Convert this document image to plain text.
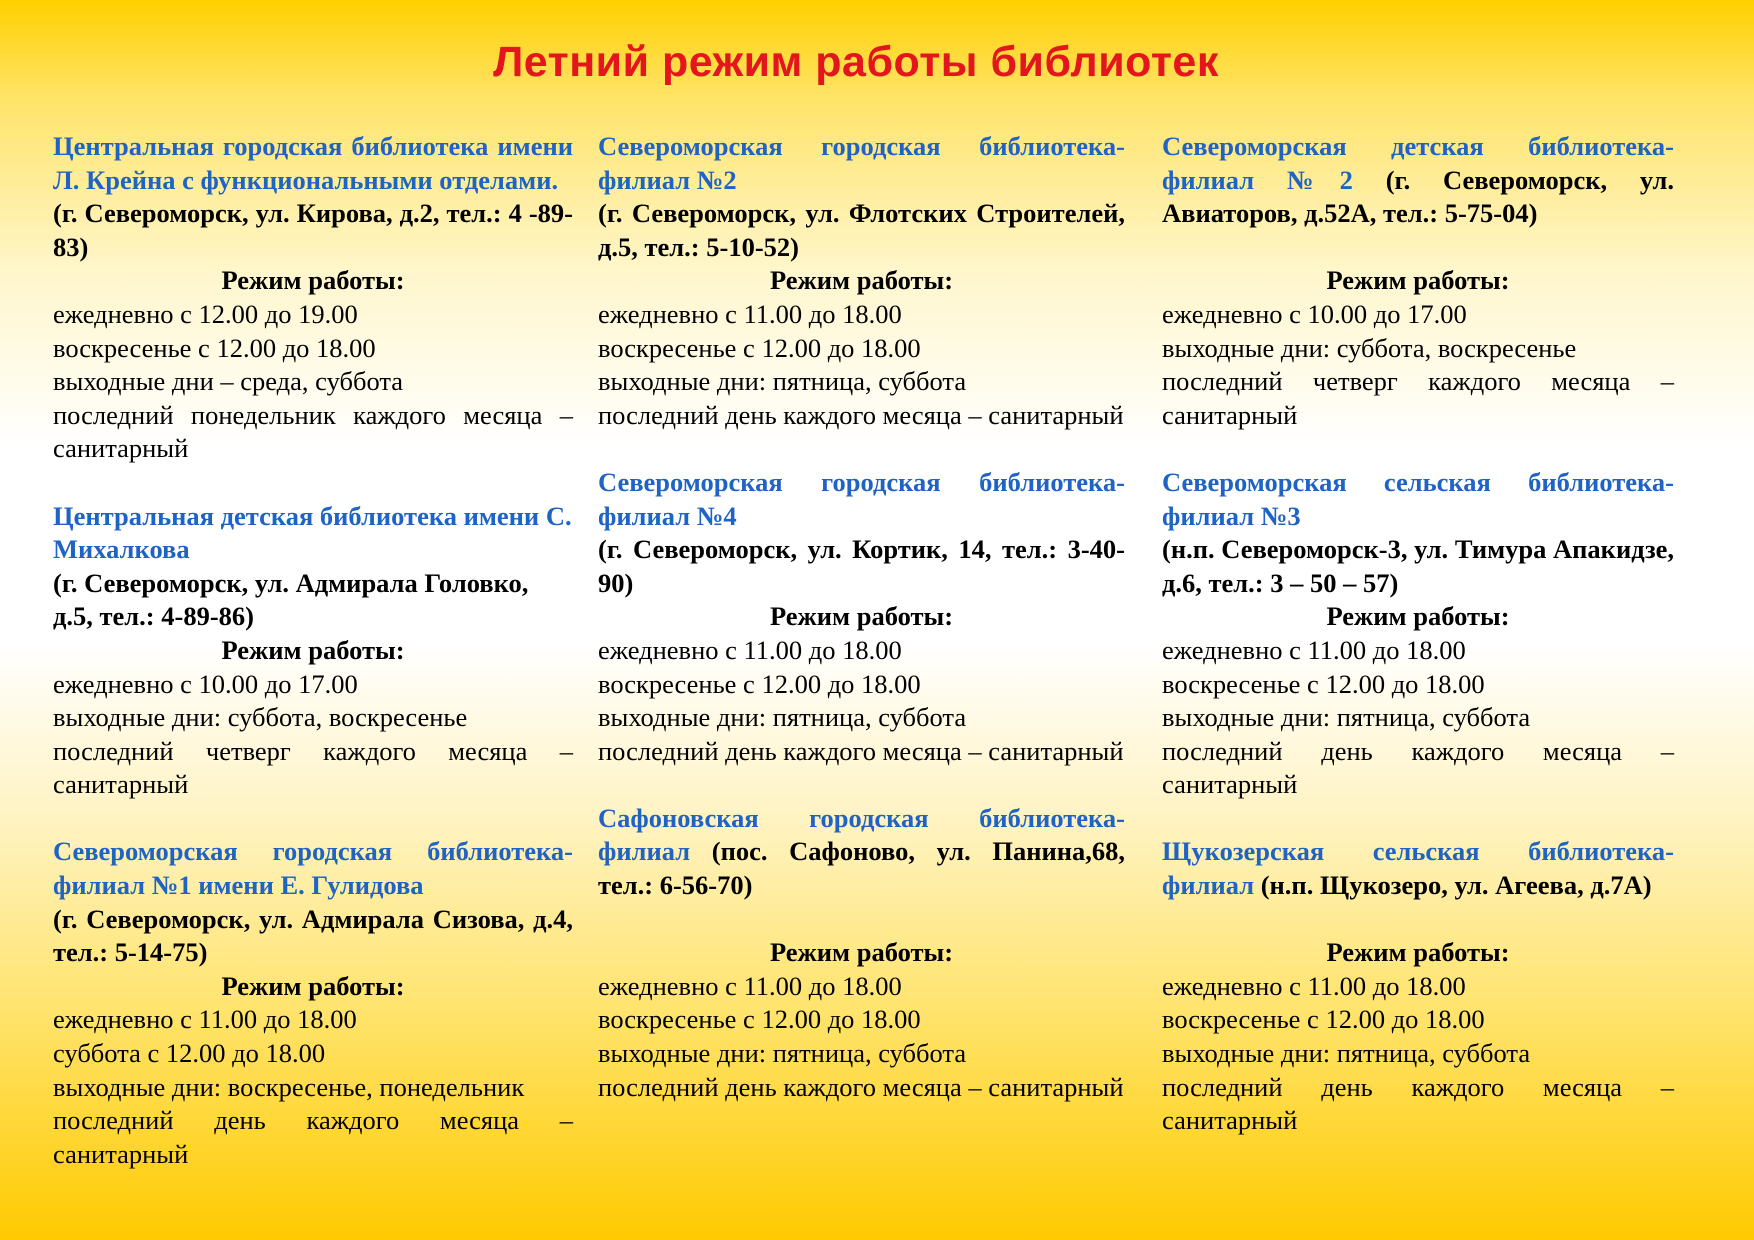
Летний режим работы библиотек
Центральная городская библиотека имени Л. Крейна с функциональными отделами.
(г. Североморск, ул. Кирова, д.2, тел.: 4 -89-83)
Режим работы:
ежедневно с 12.00 до 19.00
воскресенье с 12.00 до 18.00
выходные дни – среда, суббота
последний понедельник каждого месяца – санитарный
Центральная детская библиотека имени С. Михалкова
(г. Североморск, ул. Адмирала Головко, д.5, тел.: 4-89-86)
Режим работы:
ежедневно с 10.00 до 17.00
выходные дни: суббота, воскресенье
последний четверг каждого месяца – санитарный
Североморская городская библиотека-филиал №1 имени Е. Гулидова
(г. Североморск, ул. Адмирала Сизова, д.4, тел.: 5-14-75)
Режим работы:
ежедневно с 11.00 до 18.00
суббота с 12.00 до 18.00
выходные дни: воскресенье, понедельник
последний день каждого месяца – санитарный
Североморская городская библиотека-филиал №2
(г. Североморск, ул. Флотских Строителей, д.5, тел.: 5-10-52)
Режим работы:
ежедневно с 11.00 до 18.00
воскресенье с 12.00 до 18.00
выходные дни: пятница, суббота
последний день каждого месяца – санитарный
Североморская городская библиотека-филиал №4
(г. Североморск, ул. Кортик, 14, тел.: 3-40-90)
Режим работы:
ежедневно с 11.00 до 18.00
воскресенье с 12.00 до 18.00
выходные дни: пятница, суббота
последний день каждого месяца – санитарный
Сафоновская городская библиотека-филиал (пос. Сафоново, ул. Панина,68, тел.: 6-56-70)
Режим работы:
ежедневно с 11.00 до 18.00
воскресенье с 12.00 до 18.00
выходные дни: пятница, суббота
последний день каждого месяца – санитарный
Североморская детская библиотека-филиал №2 (г. Североморск, ул. Авиаторов, д.52А, тел.: 5-75-04)
Режим работы:
ежедневно с 10.00 до 17.00
выходные дни: суббота, воскресенье
последний четверг каждого месяца – санитарный
Североморская сельская библиотека-филиал №3
(н.п. Североморск-3, ул. Тимура Апакидзе, д.6, тел.: 3 – 50 – 57)
Режим работы:
ежедневно с 11.00 до 18.00
воскресенье с 12.00 до 18.00
выходные дни: пятница, суббота
последний день каждого месяца – санитарный
Щукозерская сельская библиотека-филиал (н.п. Щукозеро, ул. Агеева, д.7А)
Режим работы:
ежедневно с 11.00 до 18.00
воскресенье с 12.00 до 18.00
выходные дни: пятница, суббота
последний день каждого месяца – санитарный
